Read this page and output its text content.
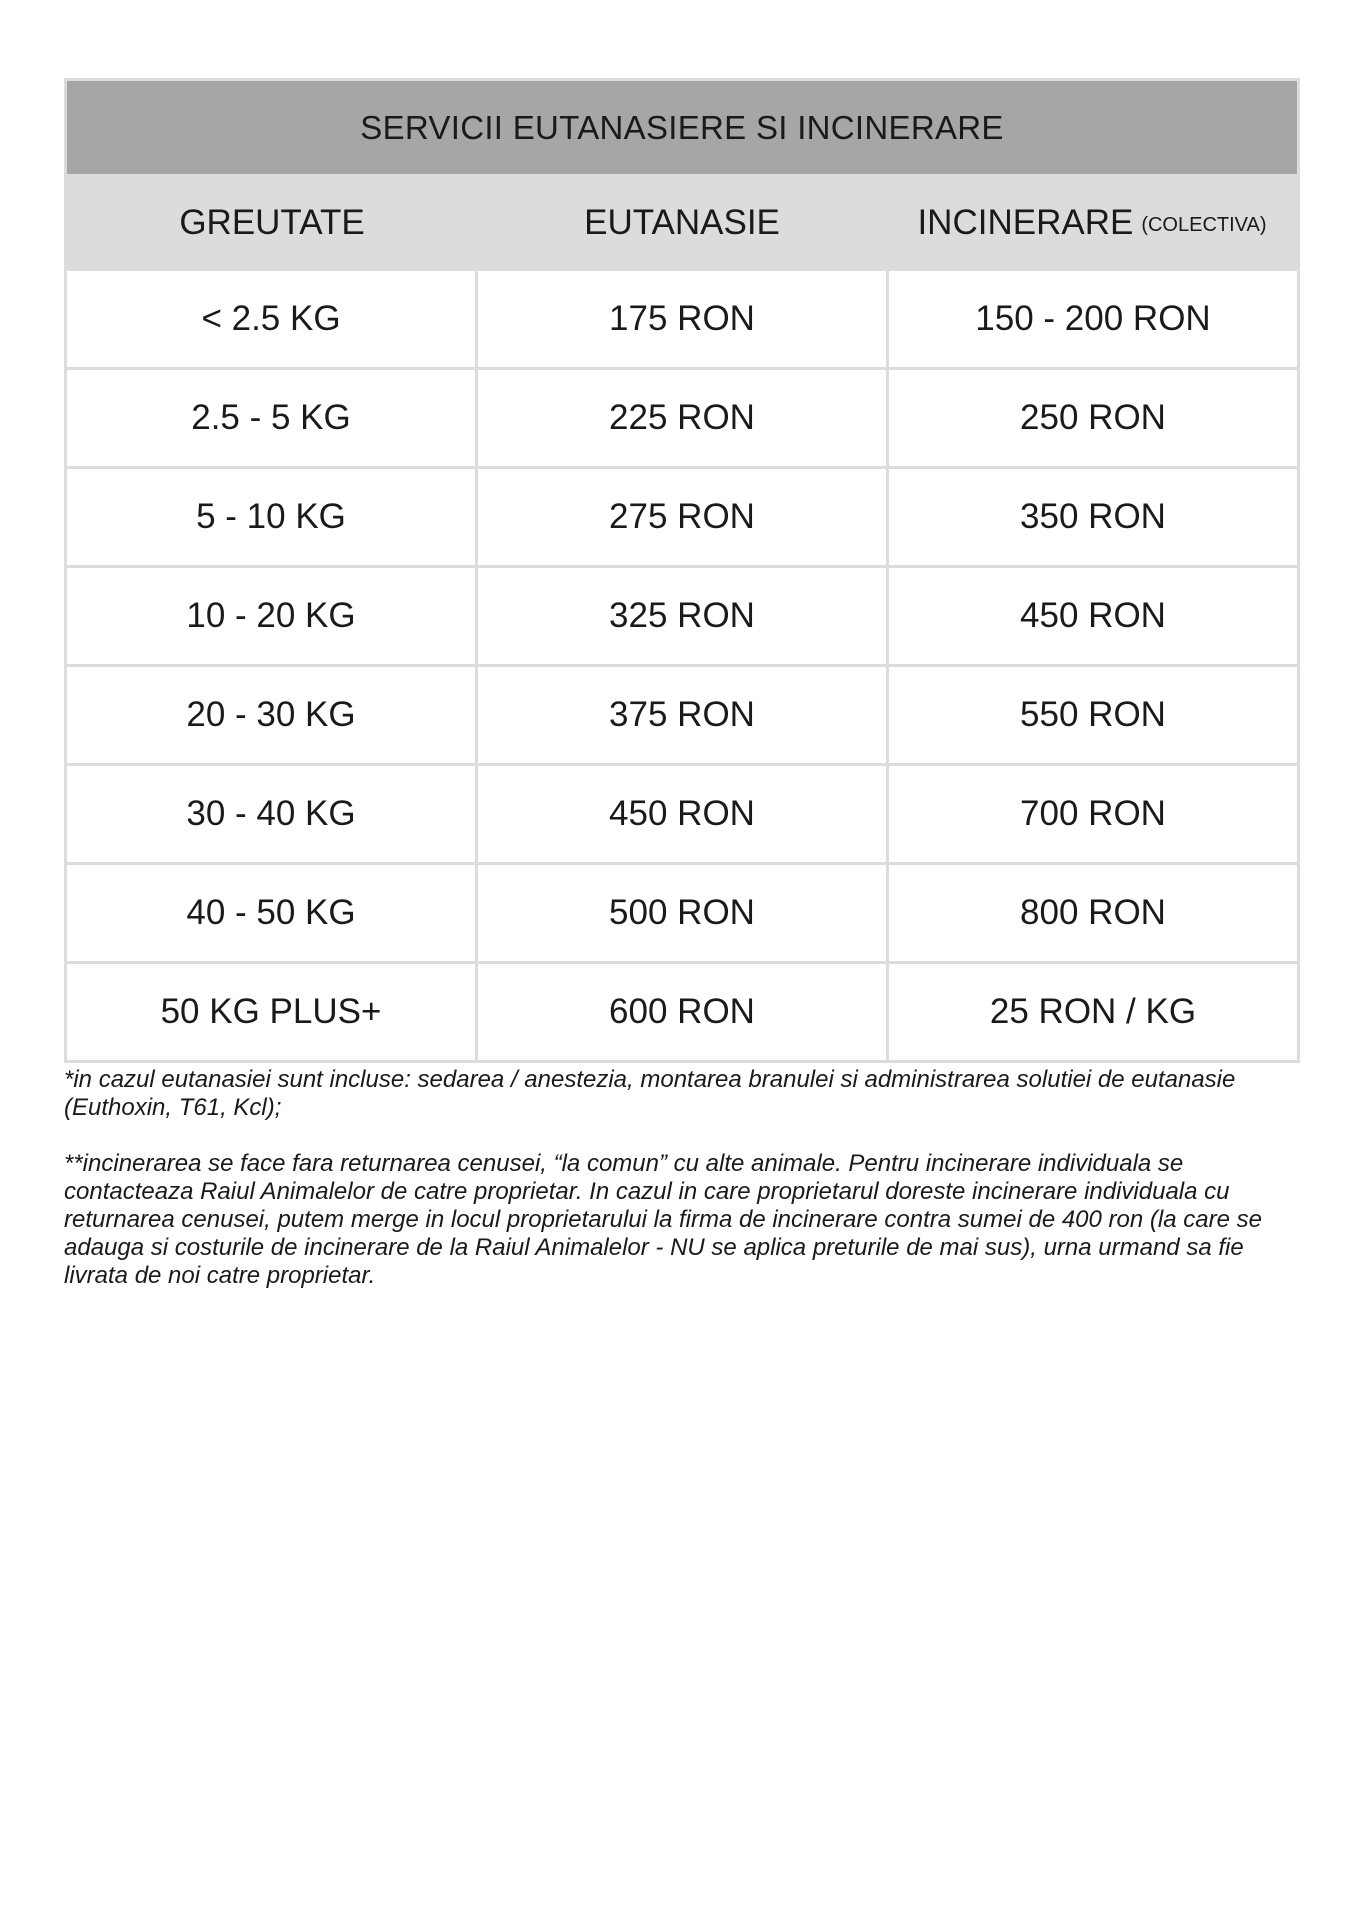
SERVICII EUTANASIERE SI INCINERARE
GREUTATE	EUTANASIE	INCINERARE (COLECTIVA)
< 2.5 KG	175 RON	150 - 200 RON
2.5 - 5 KG	225 RON	250 RON
5 - 10 KG	275 RON	350 RON
10 - 20 KG	325 RON	450 RON
20 - 30 KG	375 RON	550 RON
30 - 40 KG	450 RON	700 RON
40 - 50 KG	500 RON	800 RON
50 KG PLUS+	600 RON	25 RON / KG

*in cazul eutanasiei sunt incluse: sedarea / anestezia, montarea branulei si administrarea solutiei de eutanasie (Euthoxin, T61, Kcl);

**incinerarea se face fara returnarea cenusei, “la comun” cu alte animale. Pentru incinerare individuala se contacteaza Raiul Animalelor de catre proprietar. In cazul in care proprietarul doreste incinerare individuala cu returnarea cenusei, putem merge in locul proprietarului la firma de incinerare contra sumei de 400 ron (la care se adauga si costurile de incinerare de la Raiul Animalelor - NU se aplica preturile de mai sus), urna urmand sa fie livrata de noi catre proprietar.
